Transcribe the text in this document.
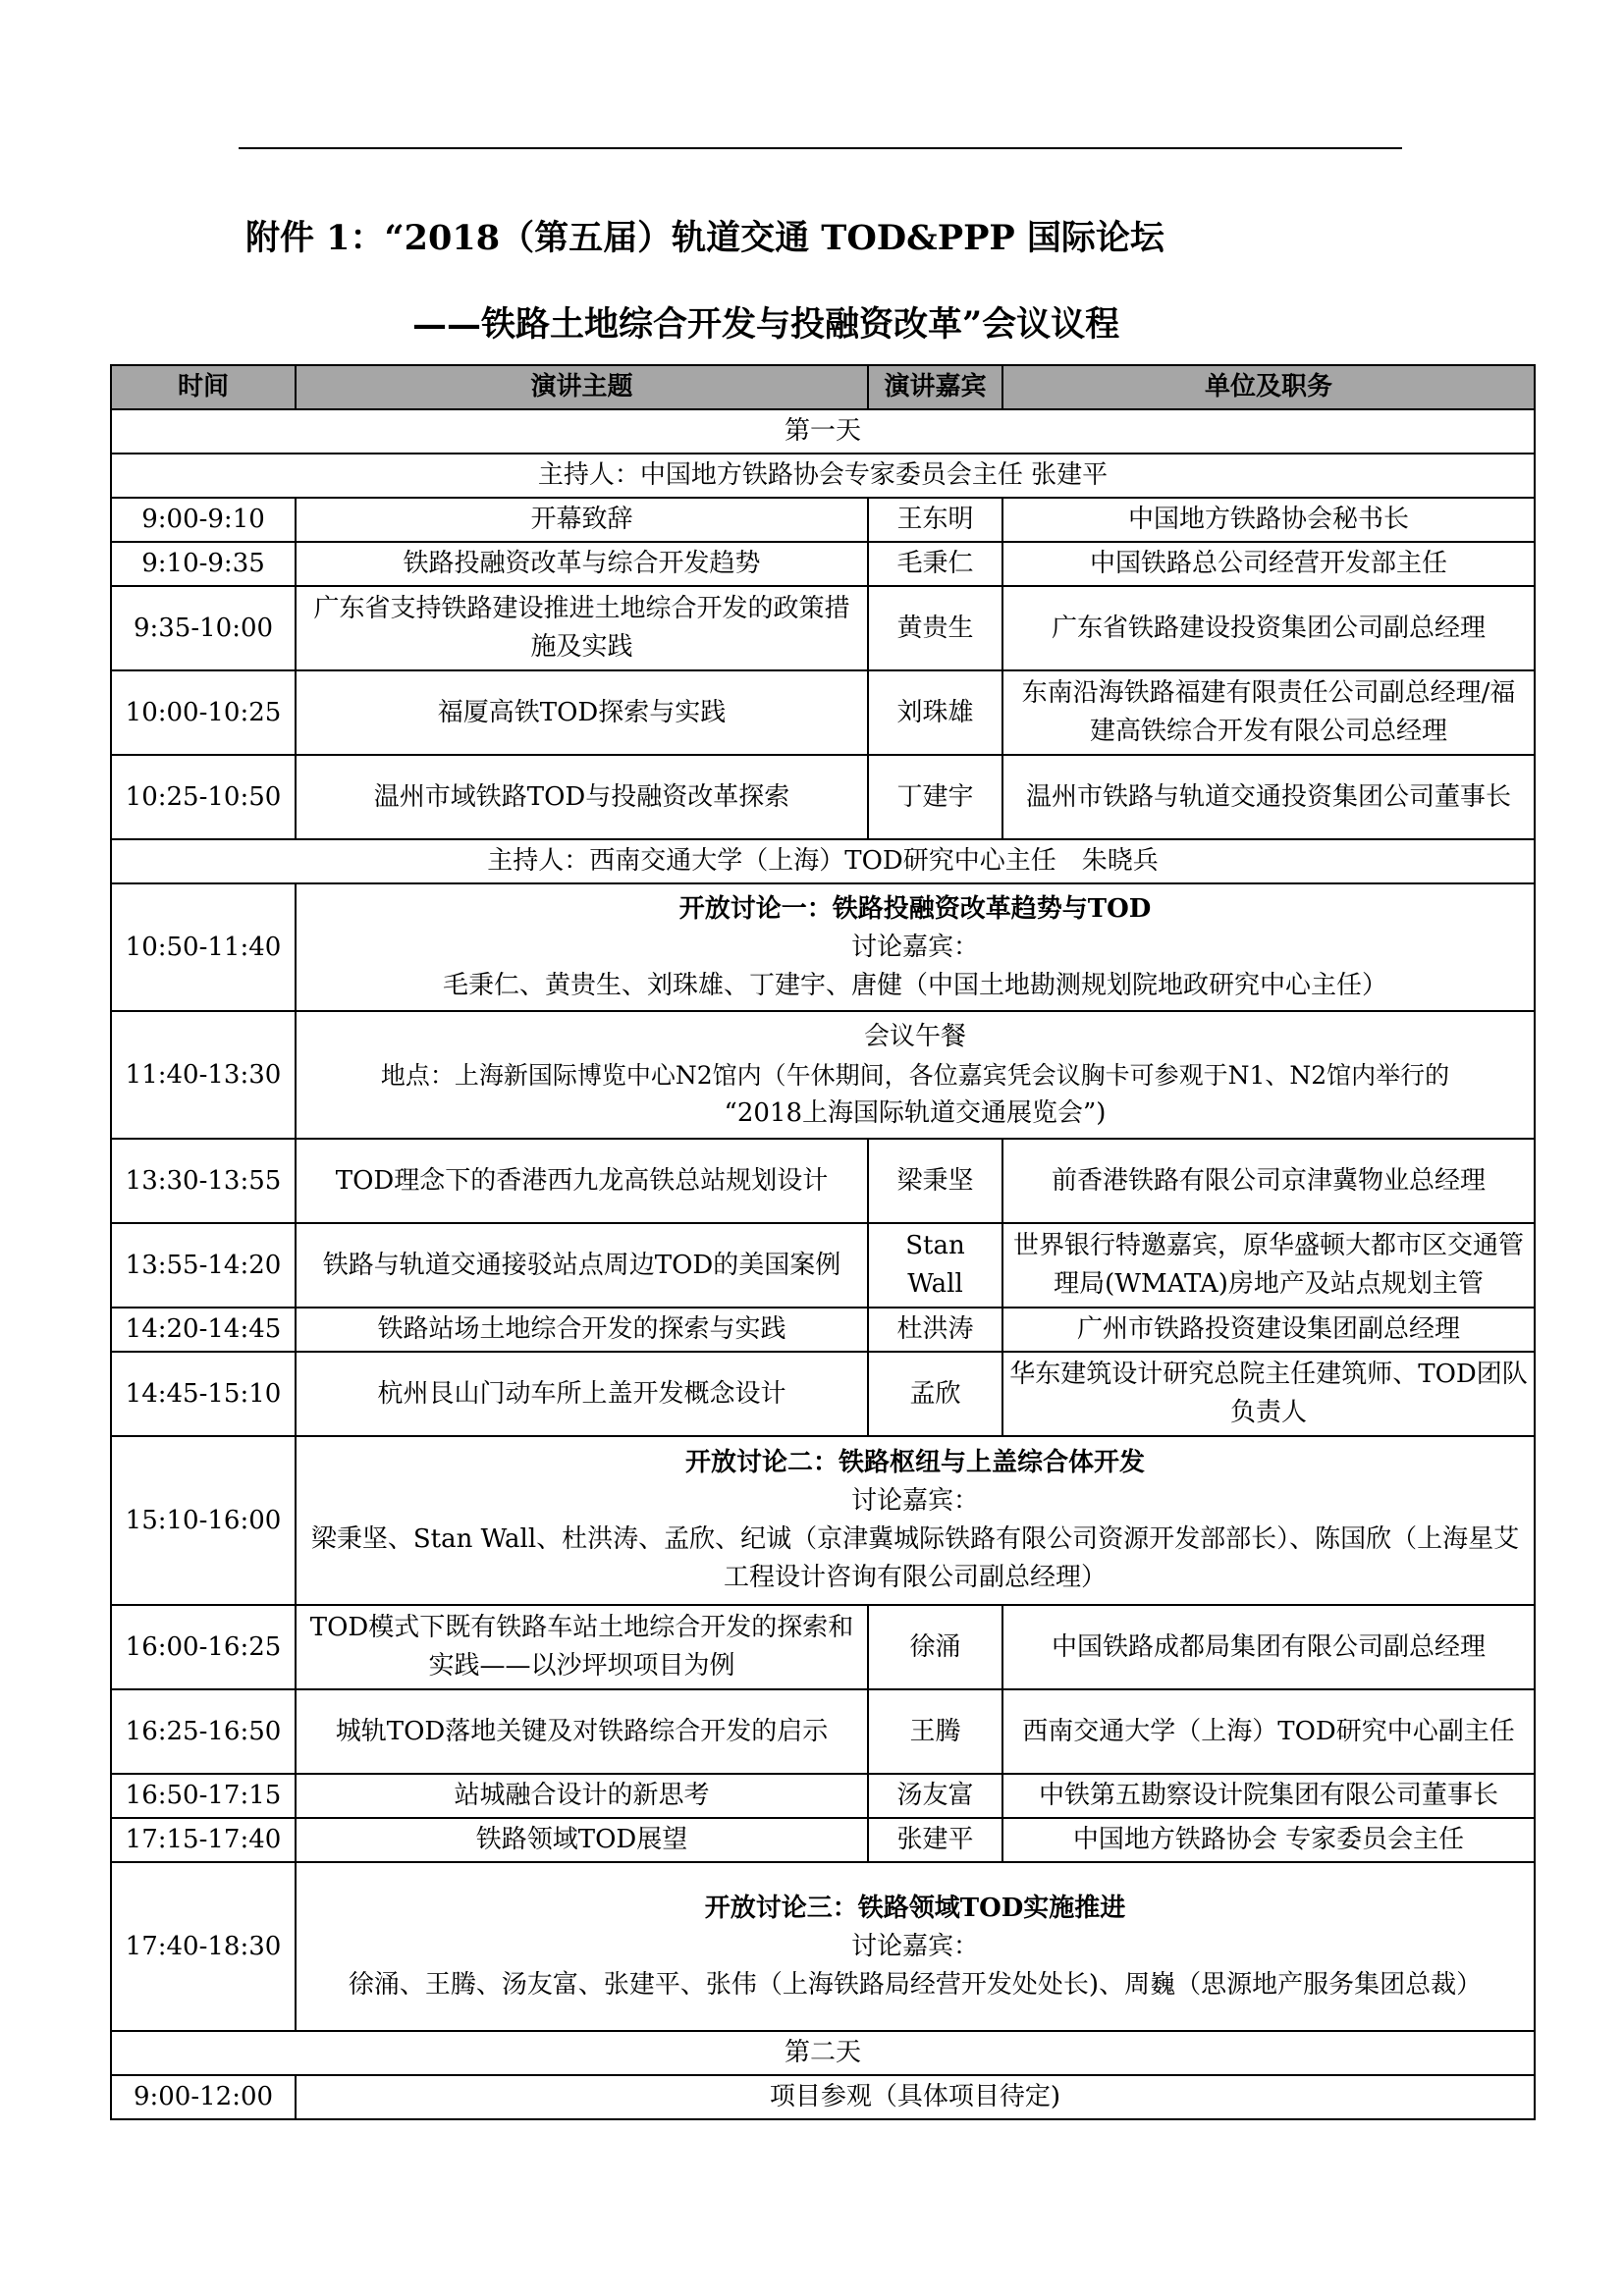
附件 1：“2018（第五届）轨道交通 TOD&PPP 国际论坛
——铁路土地综合开发与投融资改革”会议议程
时间	演讲主题	演讲嘉宾	单位及职务
第一天			
主持人：中国地方铁路协会专家委员会主任 张建平			
9:00-9:10	开幕致辞	王东明	中国地方铁路协会秘书长
9:10-9:35	铁路投融资改革与综合开发趋势	毛秉仁	中国铁路总公司经营开发部主任
9:35-10:00	广东省支持铁路建设推进土地综合开发的政策措施及实践	黄贵生	广东省铁路建设投资集团公司副总经理
10:00-10:25	福厦高铁TOD探索与实践	刘珠雄	东南沿海铁路福建有限责任公司副总经理/福建高铁综合开发有限公司总经理
10:25-10:50	温州市域铁路TOD与投融资改革探索	丁建宇	温州市铁路与轨道交通投资集团公司董事长
主持人：西南交通大学（上海）TOD研究中心主任　朱晓兵			
10:50-11:40	开放讨论一：铁路投融资改革趋势与TOD
讨论嘉宾：
毛秉仁、黄贵生、刘珠雄、丁建宇、唐健（中国土地勘测规划院地政研究中心主任）		

11:40-13:30	会议午餐
地点：上海新国际博览中心N2馆内（午休期间，各位嘉宾凭会议胸卡可参观于N1、N2馆内举行的
“2018上海国际轨道交通展览会”)		

13:30-13:55	TOD理念下的香港西九龙高铁总站规划设计	梁秉坚	前香港铁路有限公司京津冀物业总经理
13:55-14:20	铁路与轨道交通接驳站点周边TOD的美国案例	Stan Wall	世界银行特邀嘉宾，原华盛顿大都市区交通管理局(WMATA)房地产及站点规划主管
14:20-14:45	铁路站场土地综合开发的探索与实践	杜洪涛	广州市铁路投资建设集团副总经理
14:45-15:10	杭州艮山门动车所上盖开发概念设计	孟欣	华东建筑设计研究总院主任建筑师、TOD团队负责人
15:10-16:00	开放讨论二：铁路枢纽与上盖综合体开发
讨论嘉宾：
梁秉坚、Stan Wall、杜洪涛、孟欣、纪诚（京津冀城际铁路有限公司资源开发部部长）、陈国欣（上海星艾工程设计咨询有限公司副总经理）		

16:00-16:25	TOD模式下既有铁路车站土地综合开发的探索和实践——以沙坪坝项目为例	徐涌	中国铁路成都局集团有限公司副总经理
16:25-16:50	城轨TOD落地关键及对铁路综合开发的启示	王腾	西南交通大学（上海）TOD研究中心副主任
16:50-17:15	站城融合设计的新思考	汤友富	中铁第五勘察设计院集团有限公司董事长
17:15-17:40	铁路领域TOD展望	张建平	中国地方铁路协会 专家委员会主任
17:40-18:30	开放讨论三：铁路领域TOD实施推进
讨论嘉宾：
徐涌、王腾、汤友富、张建平、张伟（上海铁路局经营开发处处长)、周巍（思源地产服务集团总裁）		

第二天			
9:00-12:00	项目参观（具体项目待定)		
